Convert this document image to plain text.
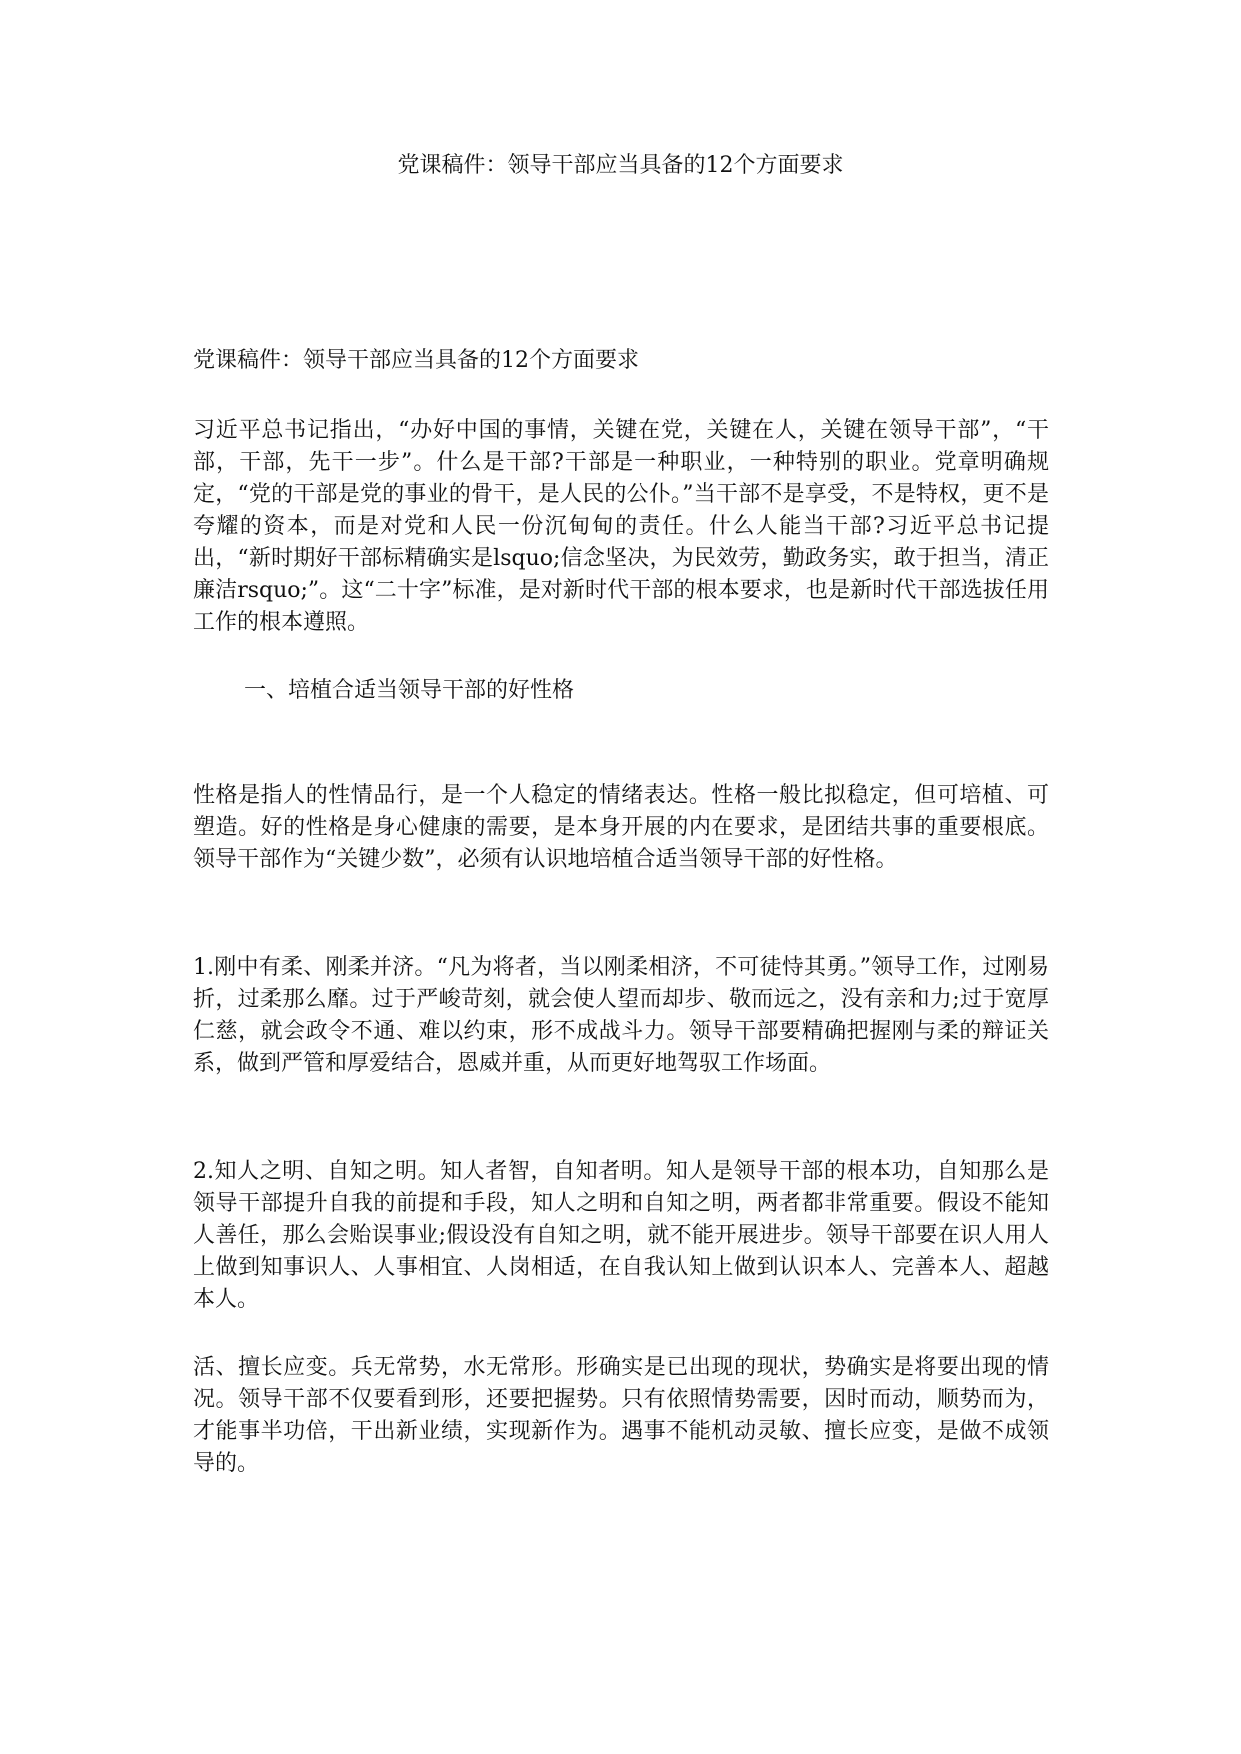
党课稿件：领导干部应当具备的12个方面要求

党课稿件：领导干部应当具备的12个方面要求

习近平总书记指出，“办好中国的事情，关键在党，关键在人，关键在领导干部”，“干部，干部，先干一步”。什么是干部?干部是一种职业，一种特别的职业。党章明确规定，“党的干部是党的事业的骨干，是人民的公仆。”当干部不是享受，不是特权，更不是夸耀的资本，而是对党和人民一份沉甸甸的责任。什么人能当干部?习近平总书记提出，“新时期好干部标精确实是lsquo;信念坚决，为民效劳，勤政务实，敢于担当，清正廉洁rsquo;”。这“二十字”标准，是对新时代干部的根本要求，也是新时代干部选拔任用工作的根本遵照。

一、培植合适当领导干部的好性格

性格是指人的性情品行，是一个人稳定的情绪表达。性格一般比拟稳定，但可培植、可塑造。好的性格是身心健康的需要，是本身开展的内在要求，是团结共事的重要根底。领导干部作为“关键少数”，必须有认识地培植合适当领导干部的好性格。

1.刚中有柔、刚柔并济。“凡为将者，当以刚柔相济，不可徒恃其勇。”领导工作，过刚易折，过柔那么靡。过于严峻苛刻，就会使人望而却步、敬而远之，没有亲和力;过于宽厚仁慈，就会政令不通、难以约束，形不成战斗力。领导干部要精确把握刚与柔的辩证关系，做到严管和厚爱结合，恩威并重，从而更好地驾驭工作场面。

2.知人之明、自知之明。知人者智，自知者明。知人是领导干部的根本功，自知那么是领导干部提升自我的前提和手段，知人之明和自知之明，两者都非常重要。假设不能知人善任，那么会贻误事业;假设没有自知之明，就不能开展进步。领导干部要在识人用人上做到知事识人、人事相宜、人岗相适，在自我认知上做到认识本人、完善本人、超越本人。

活、擅长应变。兵无常势，水无常形。形确实是已出现的现状，势确实是将要出现的情况。领导干部不仅要看到形，还要把握势。只有依照情势需要，因时而动，顺势而为，才能事半功倍，干出新业绩，实现新作为。遇事不能机动灵敏、擅长应变，是做不成领导的。
